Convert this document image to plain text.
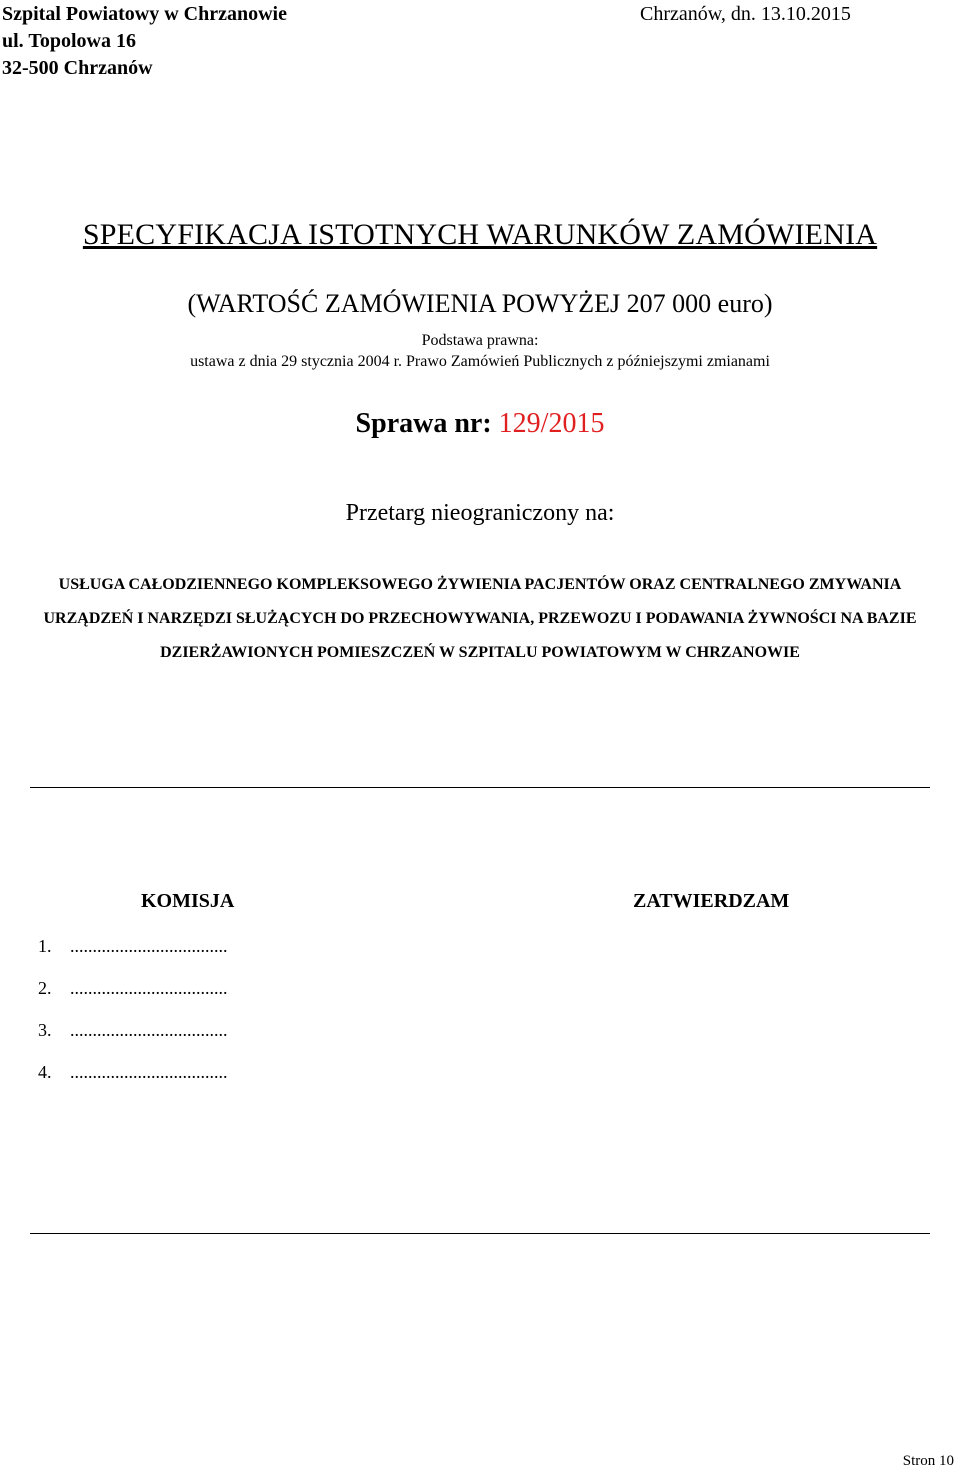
Szpital Powiatowy w Chrzanowie
ul. Topolowa 16
32-500 Chrzanów
Chrzanów, dn. 13.10.2015
SPECYFIKACJA ISTOTNYCH WARUNKÓW ZAMÓWIENIA
(WARTOŚĆ ZAMÓWIENIA POWYŻEJ 207 000 euro)
Podstawa prawna:
ustawa z dnia 29 stycznia 2004 r. Prawo Zamówień Publicznych z późniejszymi zmianami
Sprawa nr: 129/2015
Przetarg nieograniczony na:
USŁUGA CAŁODZIENNEGO KOMPLEKSOWEGO ŻYWIENIA PACJENTÓW ORAZ CENTRALNEGO ZMYWANIA URZĄDZEŃ I NARZĘDZI SŁUŻĄCYCH DO PRZECHOWYWANIA, PRZEWOZU I PODAWANIA ŻYWNOŚCI NA BAZIE DZIERŻAWIONYCH POMIESZCZEŃ W SZPITALU POWIATOWYM W CHRZANOWIE
KOMISJA	ZATWIERDZAM
1. ...................................
2. ...................................
3. ...................................
4. ...................................
Stron 10
